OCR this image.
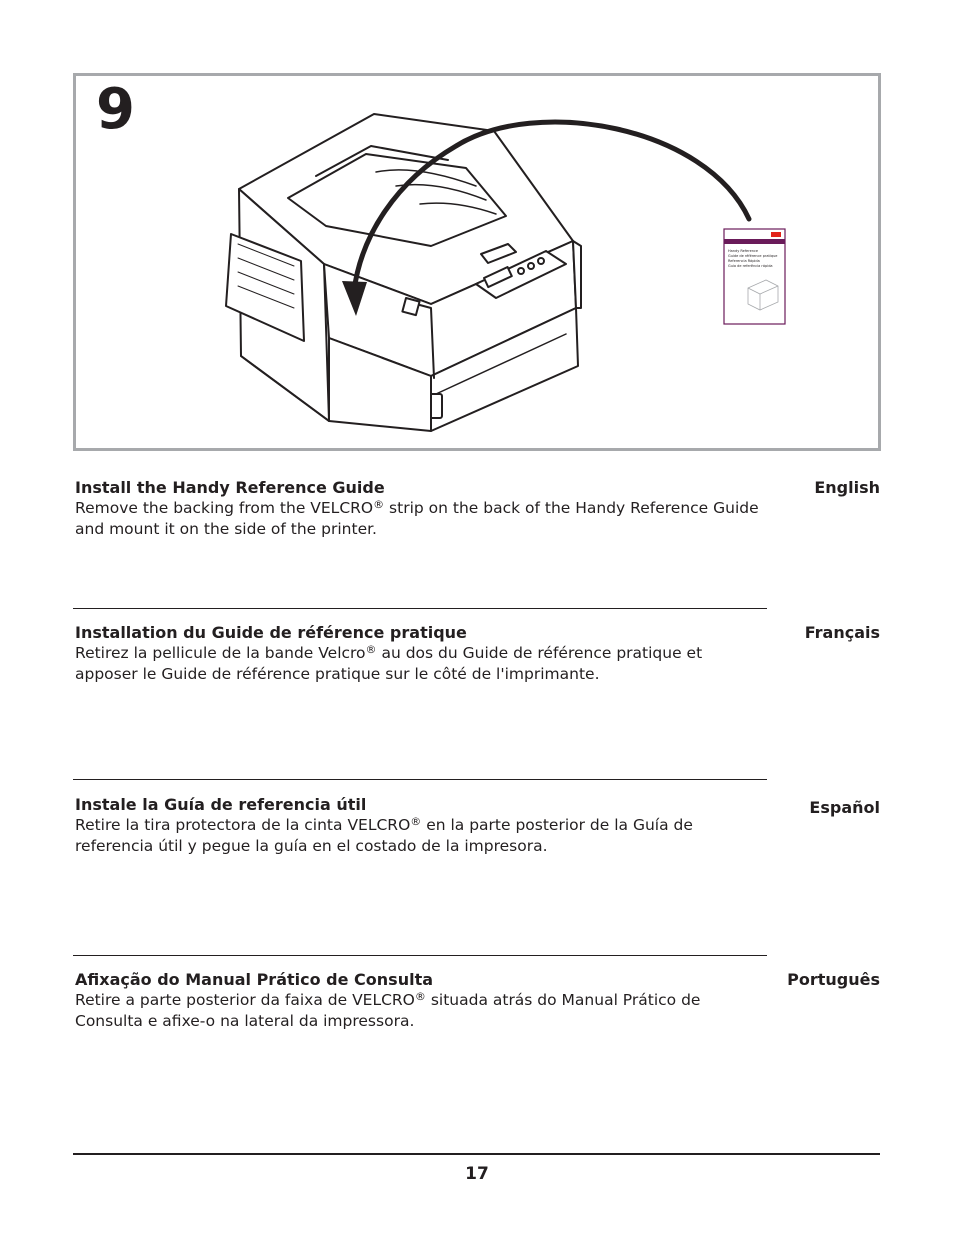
9
Handy Reference
Guide de référence pratique
Referencia Rápida
Guia de referência rápida
Install the Handy Reference Guide	English
Remove the backing from the VELCRO® strip on the back of the Handy Reference Guide and mount it on the side of the printer.
Installation du Guide de référence pratique	Français
Retirez la pellicule de la bande Velcro® au dos du Guide de référence pratique et apposer le Guide de référence pratique sur le côté de l'imprimante.
Instale la Guía de referencia útil	Español
Retire la tira protectora de la cinta VELCRO® en la parte posterior de la Guía de referencia útil y pegue la guía en el costado de la impresora.
Afixação do Manual Prático de Consulta	Português
Retire a parte posterior da faixa de VELCRO® situada atrás do Manual Prático de Consulta e afixe-o na lateral da impressora.
17
